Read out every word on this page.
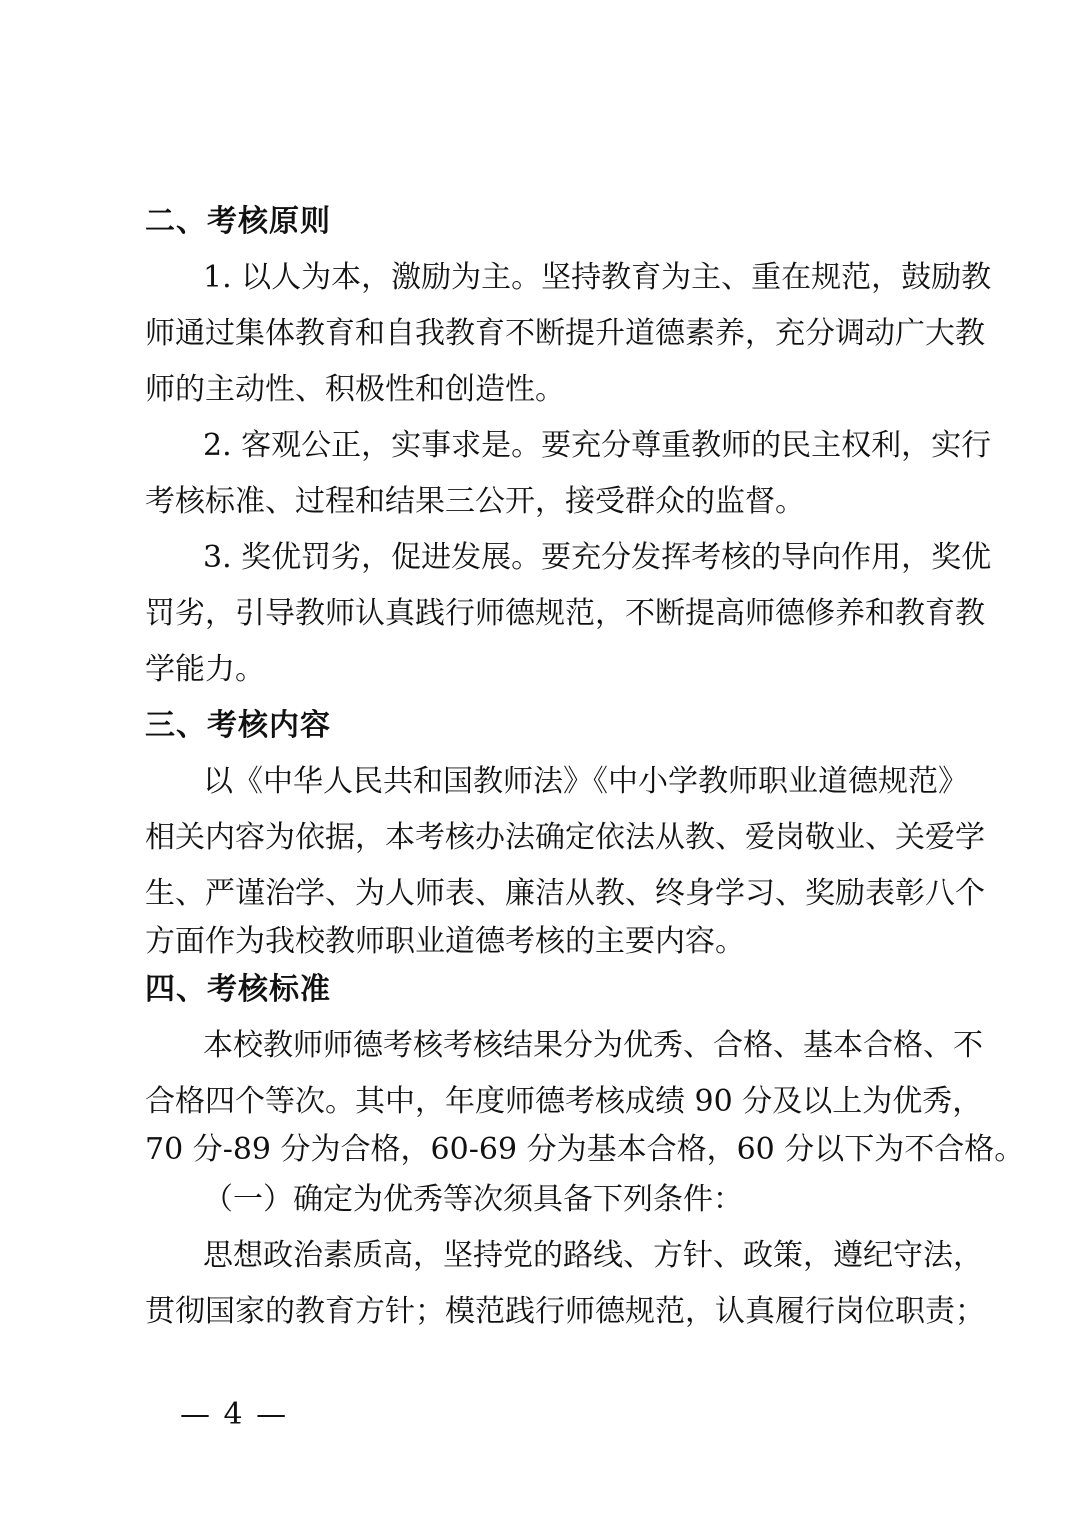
二、考核原则
1. 以人为本，激励为主。坚持教育为主、重在规范，鼓励教
师通过集体教育和自我教育不断提升道德素养，充分调动广大教
师的主动性、积极性和创造性。
2. 客观公正，实事求是。要充分尊重教师的民主权利，实行
考核标准、过程和结果三公开，接受群众的监督。
3. 奖优罚劣，促进发展。要充分发挥考核的导向作用，奖优
罚劣，引导教师认真践行师德规范，不断提高师德修养和教育教
学能力。
三、考核内容
以《中华人民共和国教师法》《中小学教师职业道德规范》
相关内容为依据，本考核办法确定依法从教、爱岗敬业、关爱学
生、严谨治学、为人师表、廉洁从教、终身学习、奖励表彰八个
方面作为我校教师职业道德考核的主要内容。
四、考核标准
本校教师师德考核考核结果分为优秀、合格、基本合格、不
合格四个等次。其中，年度师德考核成绩 90 分及以上为优秀，
70 分-89 分为合格，60-69 分为基本合格，60 分以下为不合格。
（一）确定为优秀等次须具备下列条件：
思想政治素质高，坚持党的路线、方针、政策，遵纪守法，
贯彻国家的教育方针；模范践行师德规范，认真履行岗位职责；
— 4 —
